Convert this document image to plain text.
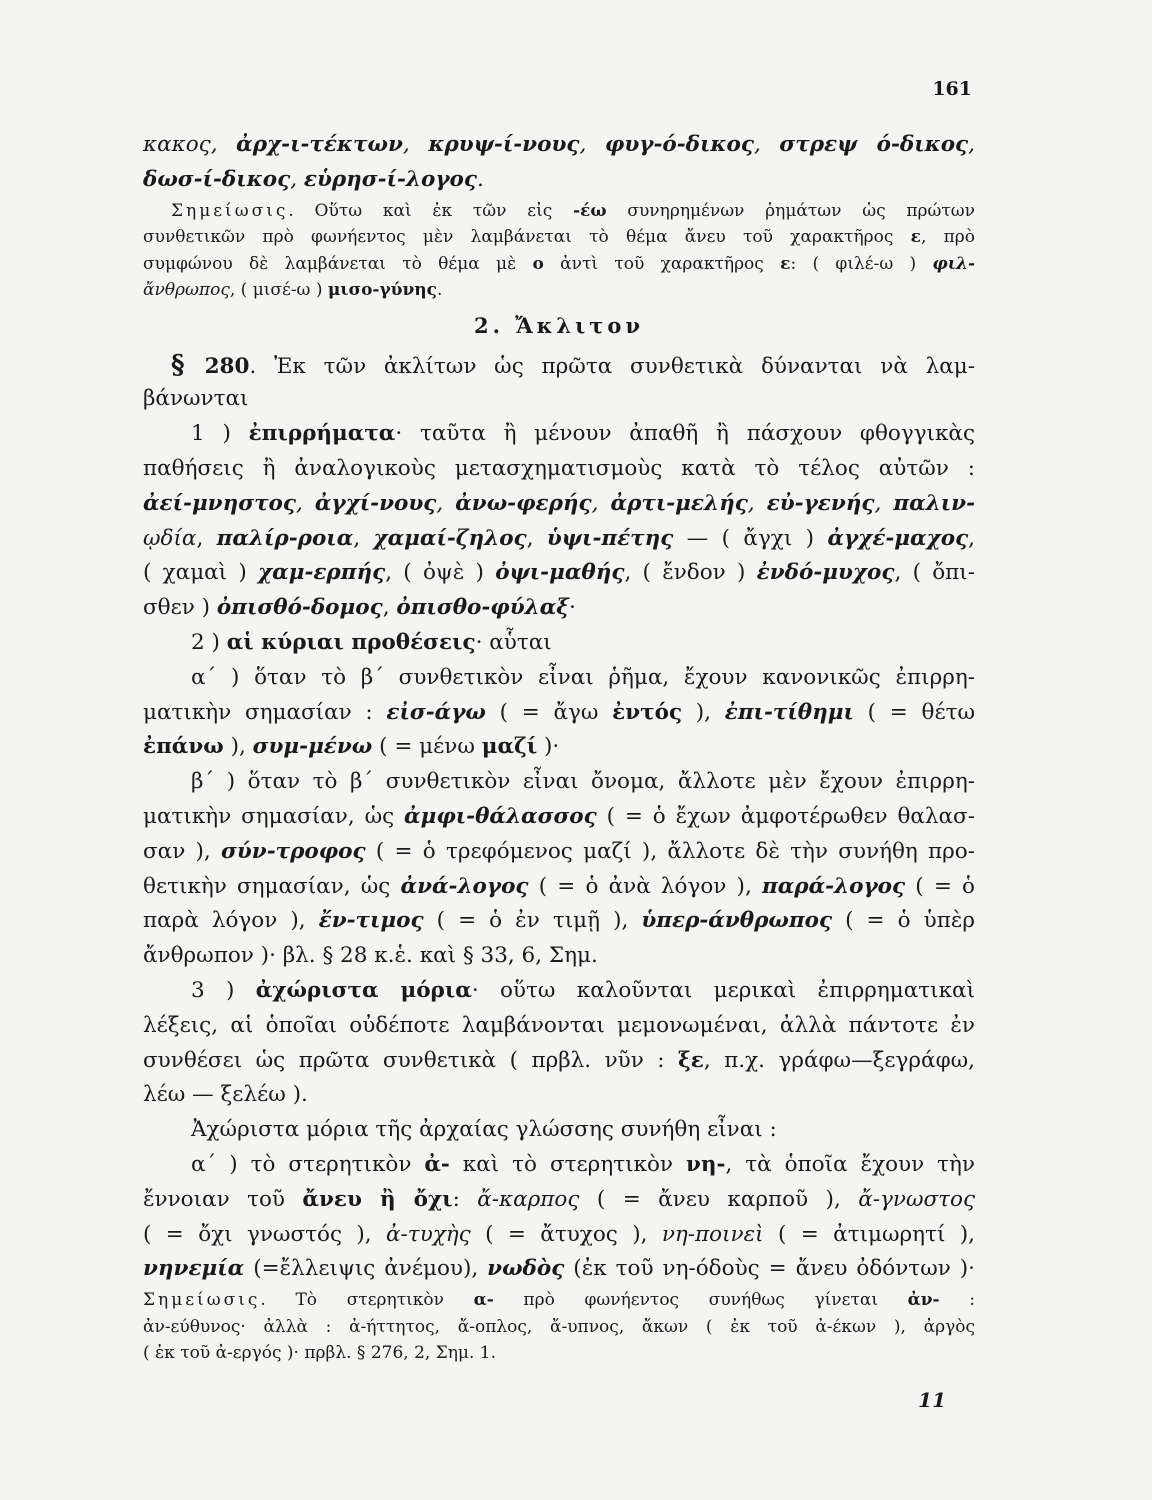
161
κακος, ἀρχ-ι-τέκτων, κρυψ-ί-νους, φυγ-ό-δικος, στρεψ ό-δικος,
δωσ-ί-δικος, εὑρησ-ί-λογος.
Σημείωσις. Οὕτω καὶ ἐκ τῶν εἰς -έω συνηρημένων ῥημάτων ὡς πρώτων
συνθετικῶν πρὸ φωνήεντος μὲν λαμβάνεται τὸ θέμα ἄνευ τοῦ χαρακτῆρος ε, πρὸ
συμφώνου δὲ λαμβάνεται τὸ θέμα μὲ ο ἀντὶ τοῦ χαρακτῆρος ε: ( φιλέ-ω ) φιλ-
ἄνθρωπος, ( μισέ-ω ) μισο-γύνης.
2. Ἄκλιτον
§ 280. Ἐκ τῶν ἀκλίτων ὡς πρῶτα συνθετικὰ δύνανται νὰ λαμ-
βάνωνται
1 ) ἐπιρρήματα· ταῦτα ἢ μένουν ἀπαθῆ ἢ πάσχουν φθογγικὰς
παθήσεις ἢ ἀναλογικοὺς μετασχηματισμοὺς κατὰ τὸ τέλος αὐτῶν :
ἀεί-μνηστος, ἀγχί-νους, ἀνω-φερής, ἀρτι-μελής, εὐ-γενής, παλιν-
ῳδία, παλίρ-ροια, χαμαί-ζηλος, ὑψι-πέτης — ( ἄγχι ) ἀγχέ-μαχος,
( χαμαὶ ) χαμ-ερπής, ( ὀψὲ ) ὀψι-μαθής, ( ἔνδον ) ἐνδό-μυχος, ( ὄπι-
σθεν ) ὀπισθό-δομος, ὀπισθο-φύλαξ·
2 ) αἱ κύριαι προθέσεις· αὗται
α΄ ) ὅταν τὸ β΄ συνθετικὸν εἶναι ῥῆμα, ἔχουν κανονικῶς ἐπιρρη-
ματικὴν σημασίαν : εἰσ-άγω ( = ἄγω ἐντός ), ἐπι-τίθημι ( = θέτω
ἐπάνω ), συμ-μένω ( = μένω μαζί )·
β΄ ) ὅταν τὸ β΄ συνθετικὸν εἶναι ὄνομα, ἄλλοτε μὲν ἔχουν ἐπιρρη-
ματικὴν σημασίαν, ὡς ἀμφι-θάλασσος ( = ὁ ἔχων ἀμφοτέρωθεν θαλασ-
σαν ), σύν-τροφος ( = ὁ τρεφόμενος μαζί ), ἄλλοτε δὲ τὴν συνήθη προ-
θετικὴν σημασίαν, ὡς ἀνά-λογος ( = ὁ ἀνὰ λόγον ), παρά-λογος ( = ὁ
παρὰ λόγον ), ἔν-τιμος ( = ὁ ἐν τιμῇ ), ὑπερ-άνθρωπος ( = ὁ ὑπὲρ
ἄνθρωπον )· βλ. § 28 κ.ἑ. καὶ § 33, 6, Σημ.
3 ) ἀχώριστα μόρια· οὕτω καλοῦνται μερικαὶ ἐπιρρηματικαὶ
λέξεις, αἱ ὁποῖαι οὐδέποτε λαμβάνονται μεμονωμέναι, ἀλλὰ πάντοτε ἐν
συνθέσει ὡς πρῶτα συνθετικὰ ( πρβλ. νῦν : ξε, π.χ. γράφω—ξεγράφω,
λέω — ξελέω ).
Ἀχώριστα μόρια τῆς ἀρχαίας γλώσσης συνήθη εἶναι :
α΄ ) τὸ στερητικὸν ἀ- καὶ τὸ στερητικὸν νη-, τὰ ὁποῖα ἔχουν τὴν
ἔννοιαν τοῦ ἄνευ ἢ ὄχι: ἄ-καρπος ( = ἄνευ καρποῦ ), ἄ-γνωστος
( = ὄχι γνωστός ), ἀ-τυχὴς ( = ἄτυχος ), νη-ποινεὶ ( = ἀτιμωρητί ),
νηνεμία (=ἔλλειψις ἀνέμου), νωδὸς (ἐκ τοῦ νη-όδοὺς = ἄνευ ὀδόντων )·
Σημείωσις. Τὸ στερητικὸν α- πρὸ φωνήεντος συνήθως γίνεται ἀν- :
ἀν-εύθυνος· ἀλλὰ : ἀ-ήττητος, ἄ-οπλος, ἄ-υπνος, ἄκων ( ἐκ τοῦ ἀ-έκων ), ἀργὸς
( ἐκ τοῦ ἀ-εργός )· πρβλ. § 276, 2, Σημ. 1.
11
